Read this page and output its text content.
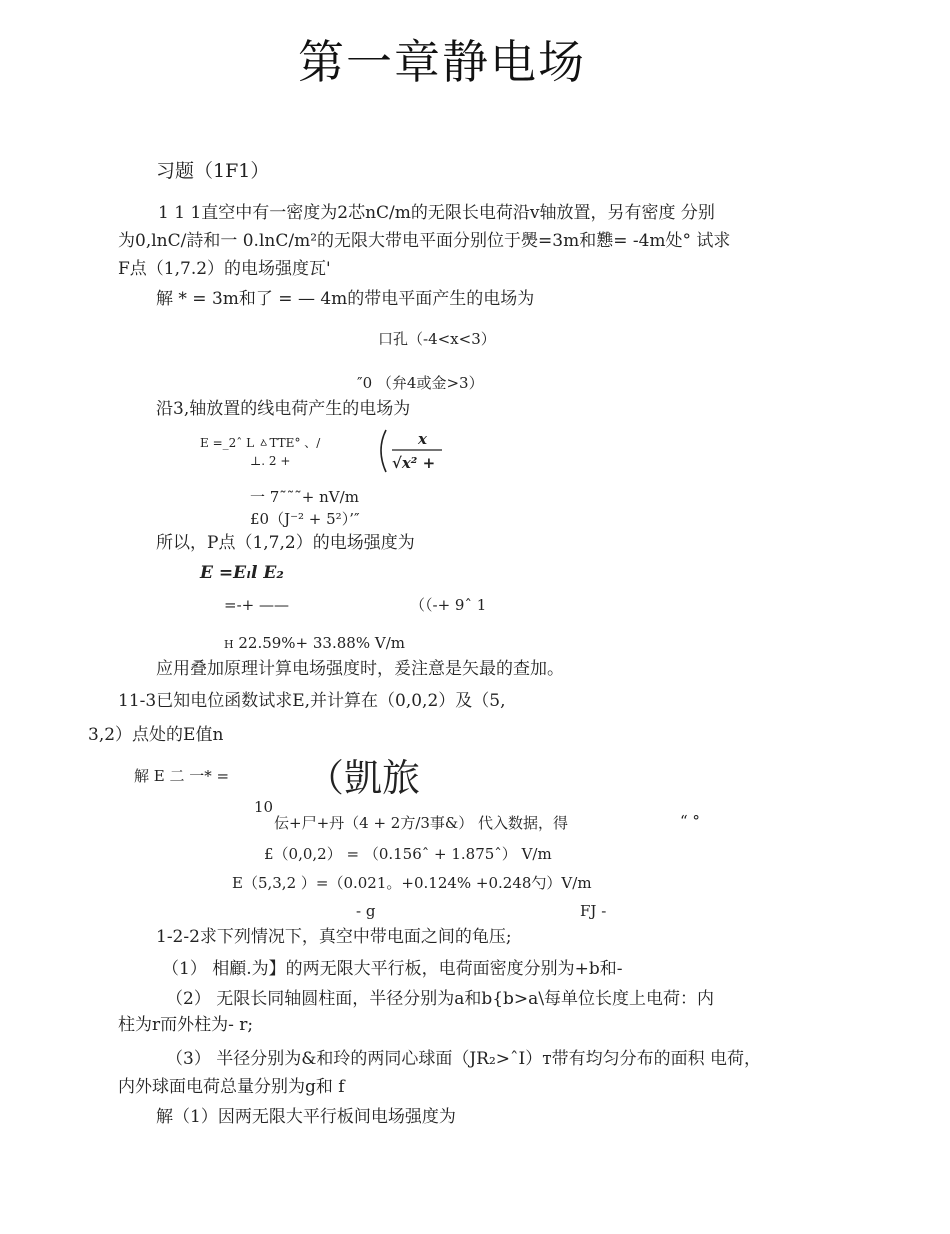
第一章静电场
习题（1F1）
1 1 1直空中有一密度为2芯nC/m的无限长电荷沿v轴放置，另有密度 分别
为0,lnC/詩和一 0.lnC/m²的无限大带电平面分别位于爂=3m和戁= -4m处° 试求
F点（1,7.2）的电场强度瓦'
解 * = 3m和了 = — 4m的带电平面产生的电场为
口孔（-4<x<3）
″0 （弁4或金>3）
沿3,轴放置的线电荷产生的电场为
E =_2ˆ L ㅿTTE° 、/
⊥. 2 +
x
√x² +
一 7˜˜˜+ nV/m
£0（J⁻² + 5²）’″
所以，P点（1,7,2）的电场强度为
E =Eₗl E₂
=-+ ——	（（-+ 9ˆ 1
H 22.59%+ 33.88% V/m
应用叠加原理计算电场强度时，爰注意是矢最的查加。
11-3已知电位函数试求E,并计算在（0,0,2）及（5,
3,2）点处的E值n
解 E 二 一* = （凱旅
10
伝+尸+丹（4 + 2方/3事&） 代入数据，得	“ °
£（0,0,2） = （0.156ˆ + 1.875ˆ） V/m
E（5,3,2 ）=（0.021。+0.124% +0.248勺）V/m
- g	FJ -
1-2-2求下列情况下，真空中带电面之间的龟压;
（1） 相顧.为】的两无限大平行板，电荷面密度分别为+b和-
（2） 无限长同轴圆柱面，半径分别为a和b{b>a\每单位长度上电荷：内
柱为r而外柱为- r;
（3） 半径分别为&和玲的两同心球面（JR₂>ˆI）ᴛ带有均匀分布的面积 电荷，
内外球面电荷总量分别为g和 f
解（1）因两无限大平行板间电场强度为
